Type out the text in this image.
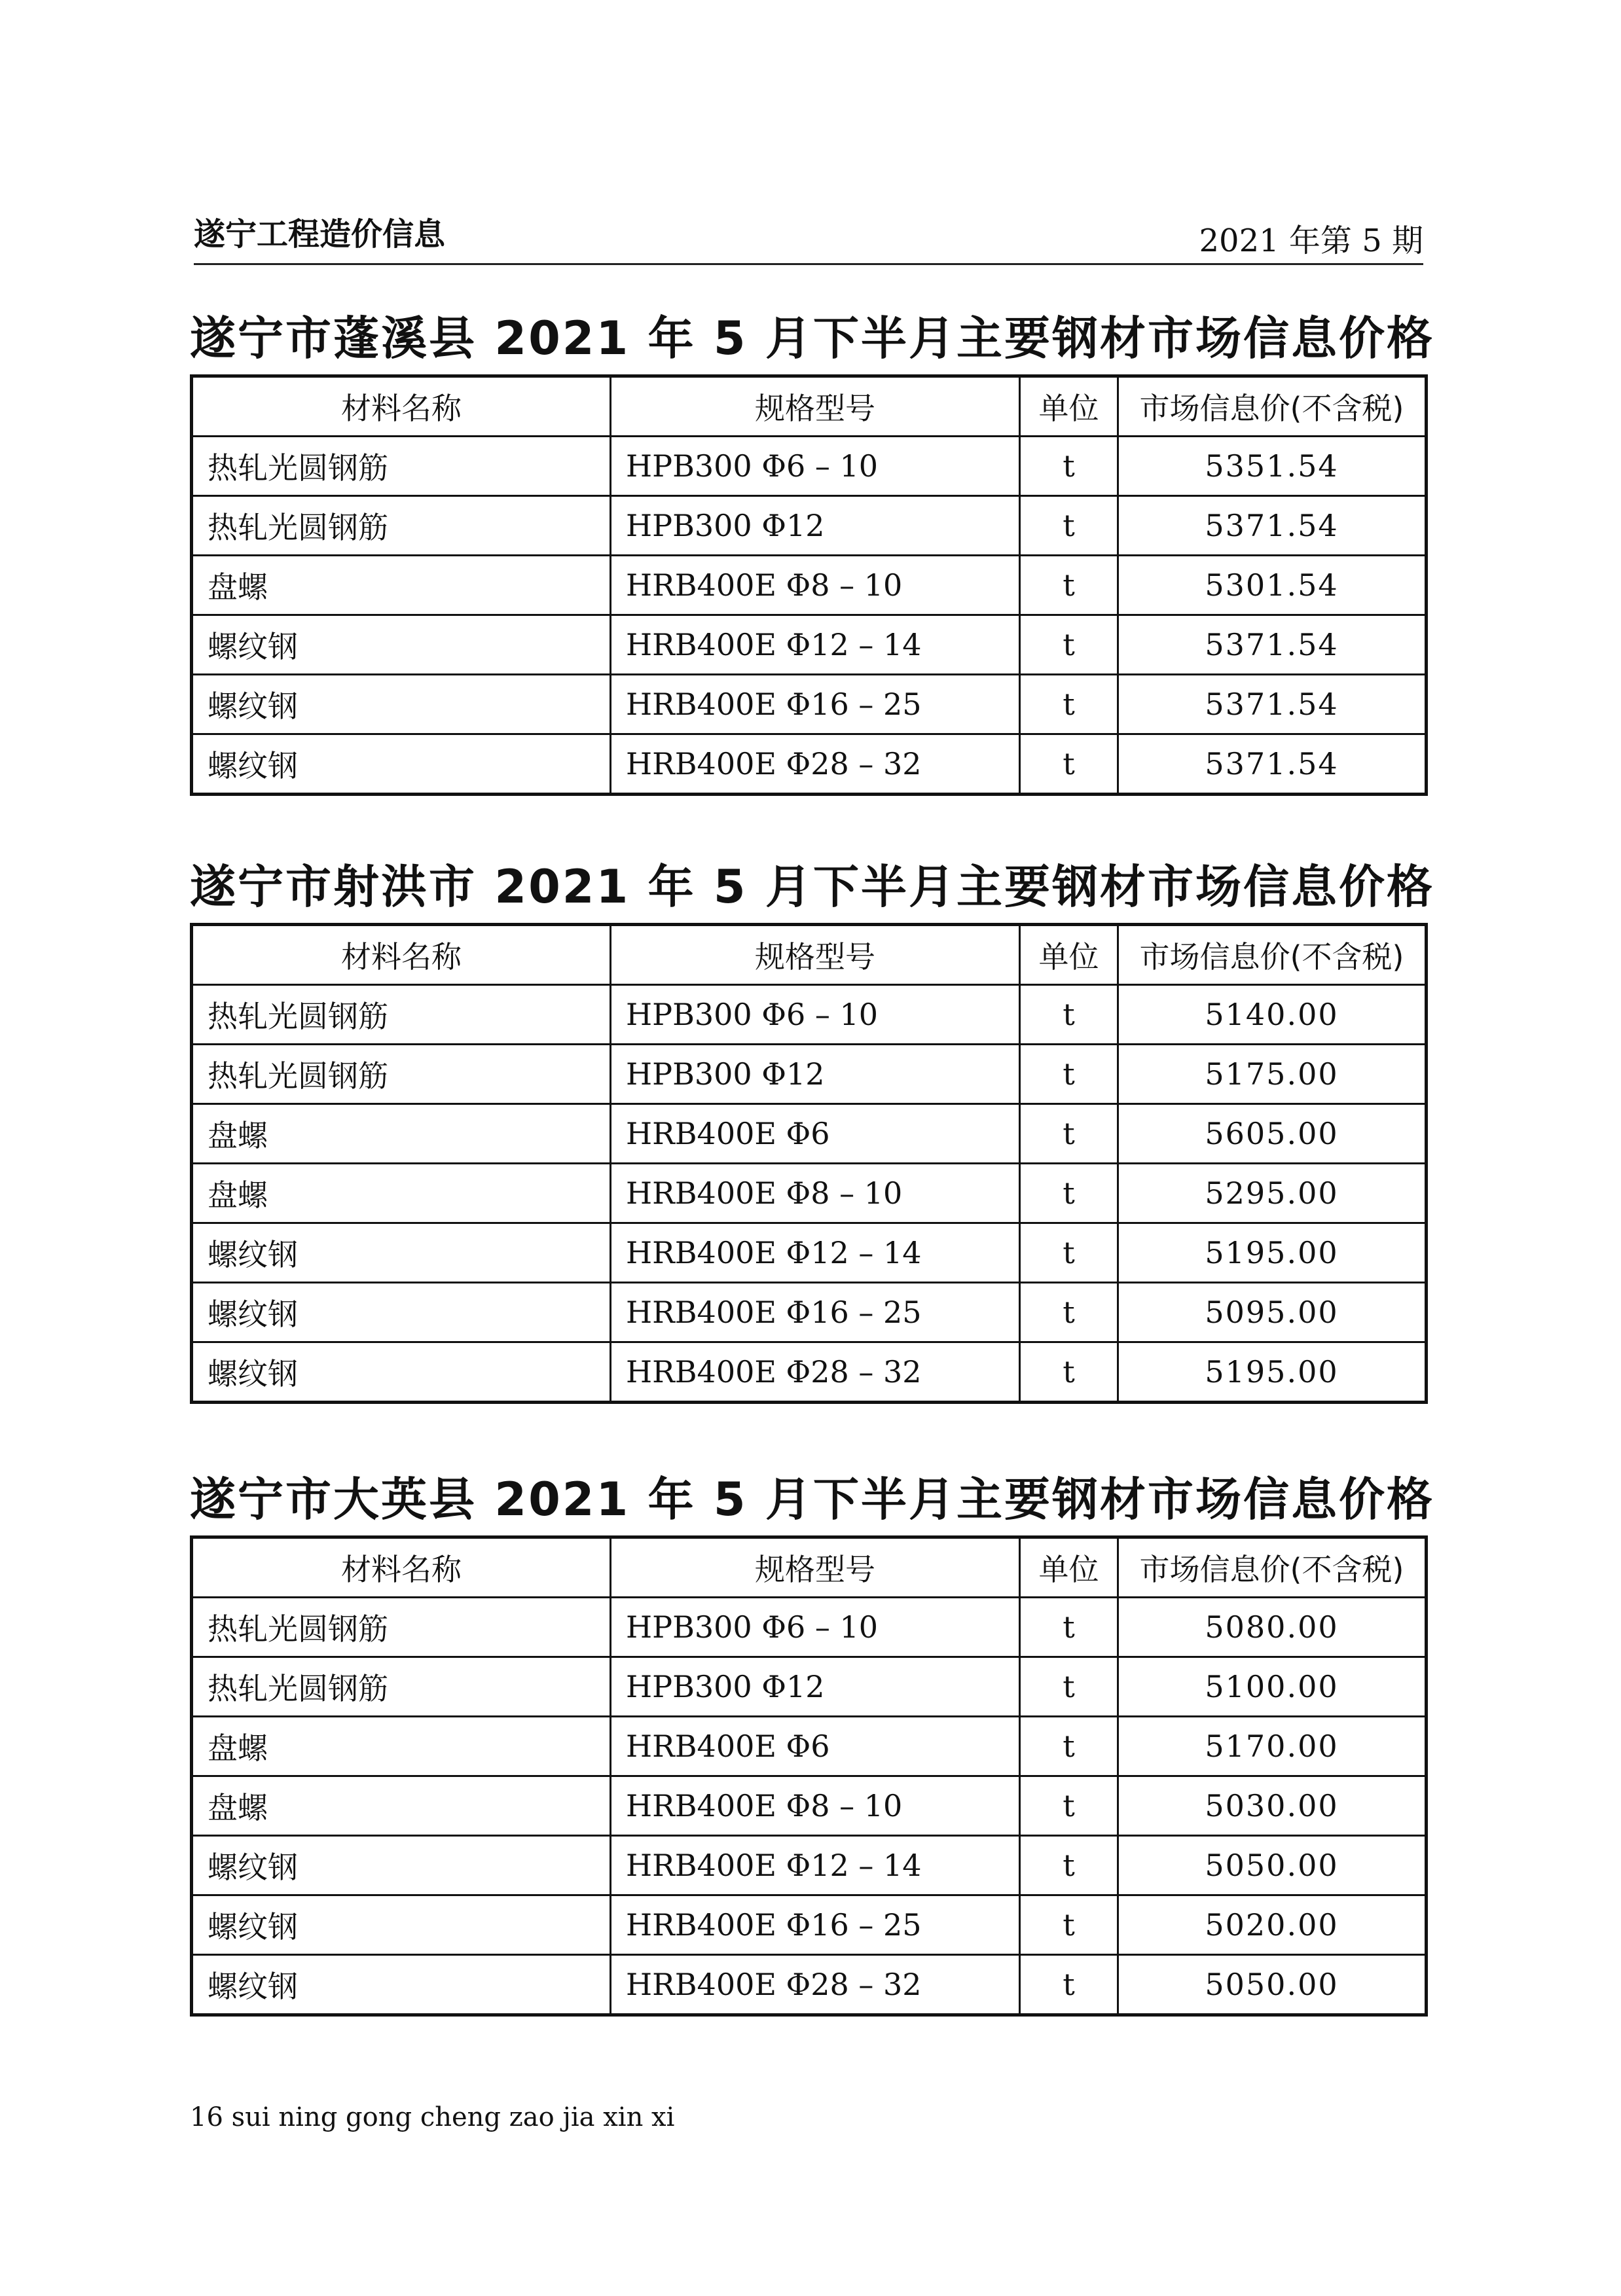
遂宁工程造价信息	2021 年第 5 期
遂宁市蓬溪县 2021 年 5 月下半月主要钢材市场信息价格
材料名称	规格型号	单位	市场信息价(不含税)
热轧光圆钢筋	HPB300 Φ6 – 10	t	5351.54
热轧光圆钢筋	HPB300 Φ12	t	5371.54
盘螺	HRB400E Φ8 – 10	t	5301.54
螺纹钢	HRB400E Φ12 – 14	t	5371.54
螺纹钢	HRB400E Φ16 – 25	t	5371.54
螺纹钢	HRB400E Φ28 – 32	t	5371.54
遂宁市射洪市 2021 年 5 月下半月主要钢材市场信息价格
材料名称	规格型号	单位	市场信息价(不含税)
热轧光圆钢筋	HPB300 Φ6 – 10	t	5140.00
热轧光圆钢筋	HPB300 Φ12	t	5175.00
盘螺	HRB400E Φ6	t	5605.00
盘螺	HRB400E Φ8 – 10	t	5295.00
螺纹钢	HRB400E Φ12 – 14	t	5195.00
螺纹钢	HRB400E Φ16 – 25	t	5095.00
螺纹钢	HRB400E Φ28 – 32	t	5195.00
遂宁市大英县 2021 年 5 月下半月主要钢材市场信息价格
材料名称	规格型号	单位	市场信息价(不含税)
热轧光圆钢筋	HPB300 Φ6 – 10	t	5080.00
热轧光圆钢筋	HPB300 Φ12	t	5100.00
盘螺	HRB400E Φ6	t	5170.00
盘螺	HRB400E Φ8 – 10	t	5030.00
螺纹钢	HRB400E Φ12 – 14	t	5050.00
螺纹钢	HRB400E Φ16 – 25	t	5020.00
螺纹钢	HRB400E Φ28 – 32	t	5050.00
16 sui ning gong cheng zao jia xin xi
